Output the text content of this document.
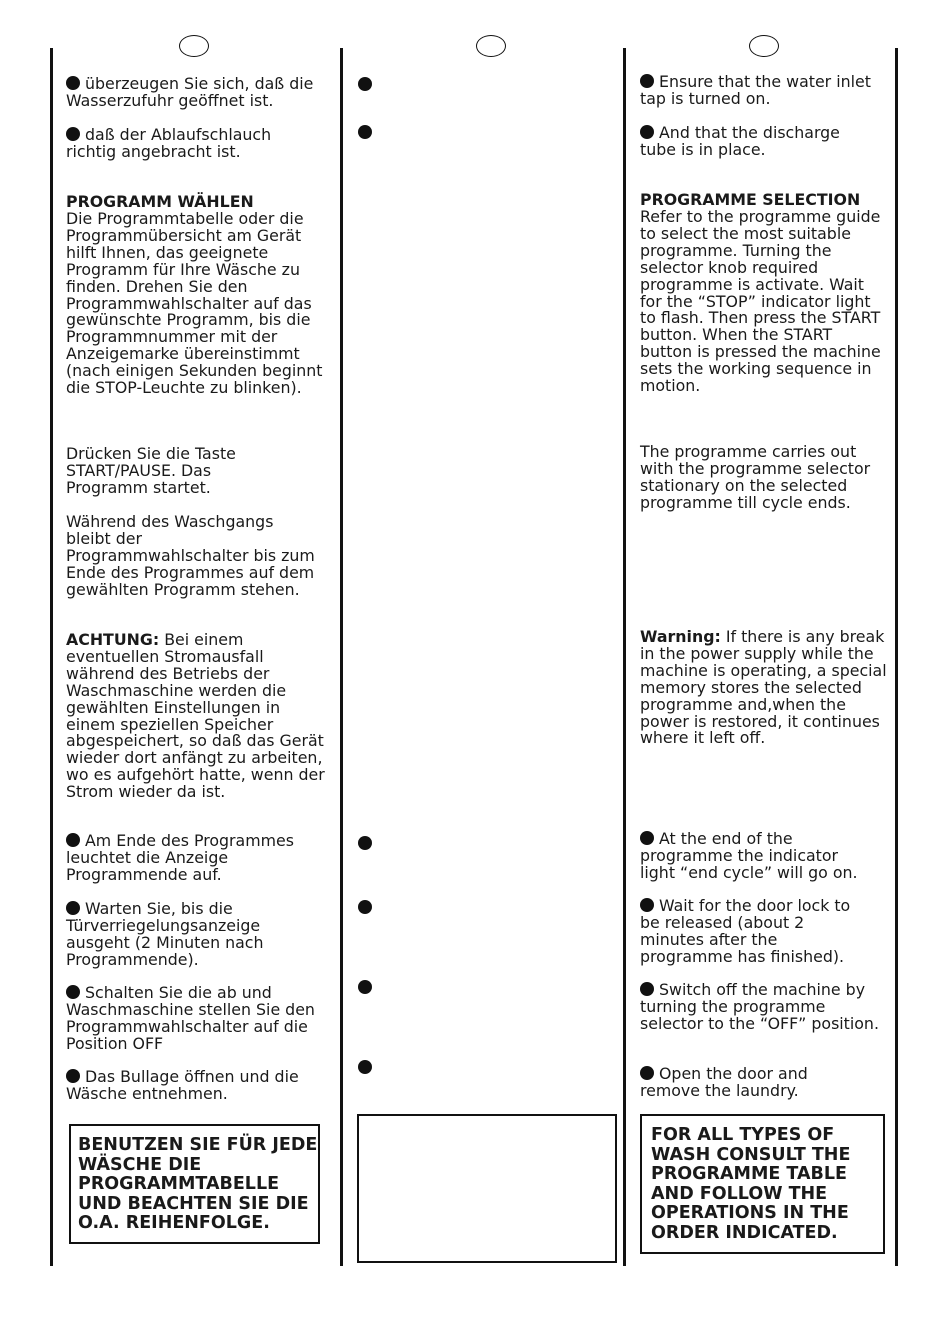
überzeugen Sie sich, daß die Wasserzufuhr geöffnet ist.

daß der Ablaufschlauch richtig angebracht ist.

PROGRAMM WÄHLEN

Die Programmtabelle oder die Programmübersicht am Gerät hilft Ihnen, das geeignete Programm für Ihre Wäsche zu finden. Drehen Sie den Programmwahlschalter auf das gewünschte Programm, bis die Programmnummer mit der Anzeigemarke übereinstimmt (nach einigen Sekunden beginnt die STOP-Leuchte zu blinken).

Drücken Sie die Taste START/PAUSE. Das Programm startet.

Während des Waschgangs bleibt der Programmwahlschalter bis zum Ende des Programmes auf dem gewählten Programm stehen.

ACHTUNG: Bei einem eventuellen Stromausfall während des Betriebs der Waschmaschine werden die gewählten Einstellungen in einem speziellen Speicher abgespeichert, so daß das Gerät wieder dort anfängt zu arbeiten, wo es aufgehört hatte, wenn der Strom wieder da ist.

Am Ende des Programmes leuchtet die Anzeige Programmende auf.

Warten Sie, bis die Türverriegelungsanzeige ausgeht (2 Minuten nach Programmende).

Schalten Sie die ab und Waschmaschine stellen Sie den Programmwahlschalter auf die Position OFF

Das Bullage öffnen und die Wäsche entnehmen.

BENUTZEN SIE FÜR JEDE WÄSCHE DIE PROGRAMMTABELLE UND BEACHTEN SIE DIE O.A. REIHENFOLGE.

Ensure that the water inlet tap is turned on.

And that the discharge tube is in place.

PROGRAMME SELECTION

Refer to the programme guide to select the most suitable programme. Turning the selector knob required programme is activate. Wait for the “STOP” indicator light to flash. Then press the START button. When the START button is pressed the machine sets the working sequence in motion.

The programme carries out with the programme selector stationary on the selected programme till cycle ends.

Warning: If there is any break in the power supply while the machine is operating, a special memory stores the selected programme and,when the power is restored, it continues where it left off.

At the end of the programme the indicator light “end cycle” will go on.

Wait for the door lock to be released (about 2 minutes after the programme has finished).

Switch off the machine by turning the programme selector to the “OFF” position.

Open the door and remove the laundry.

FOR ALL TYPES OF WASH CONSULT THE PROGRAMME TABLE AND FOLLOW THE OPERATIONS IN THE ORDER INDICATED.
